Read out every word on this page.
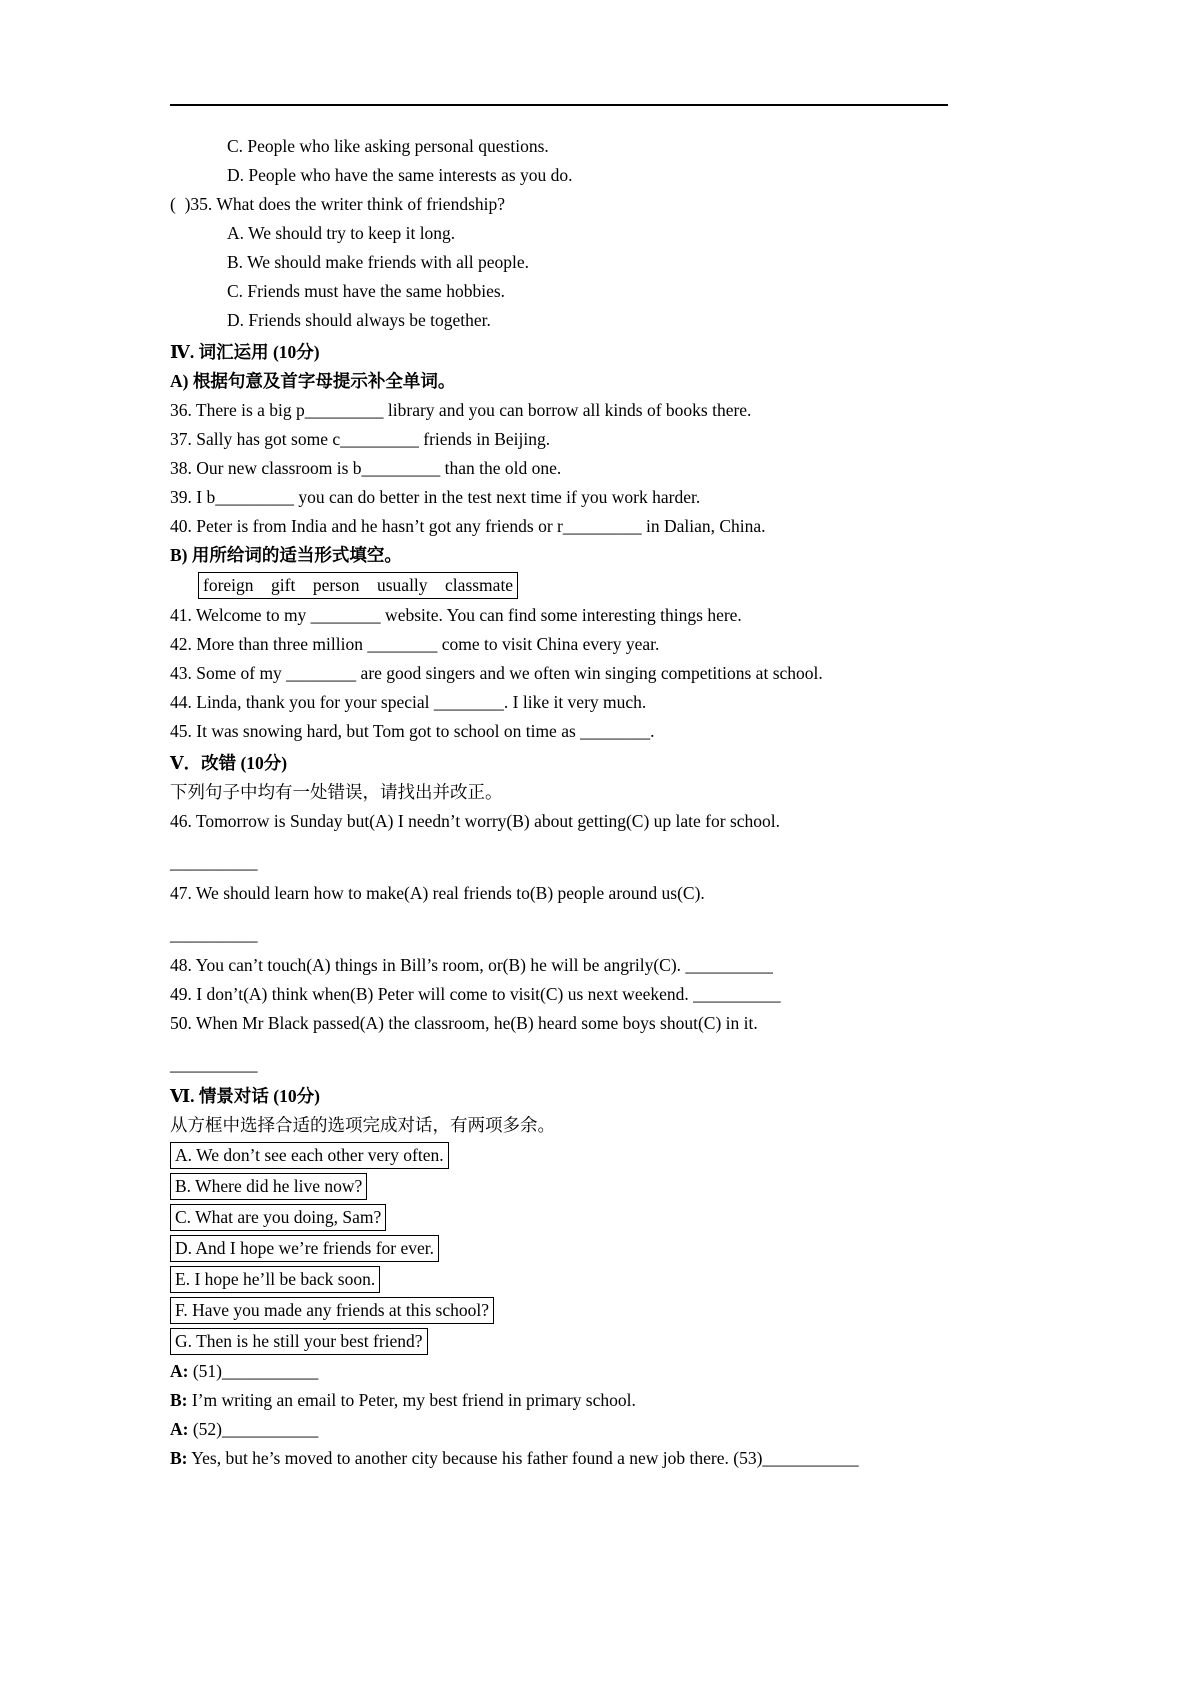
C. People who like asking personal questions.
D. People who have the same interests as you do.
(  )35. What does the writer think of friendship?
A. We should try to keep it long.
B. We should make friends with all people.
C. Friends must have the same hobbies.
D. Friends should always be together.
Ⅳ. 词汇运用 (10分)
A) 根据句意及首字母提示补全单词。
36. There is a big p_________ library and you can borrow all kinds of books there.
37. Sally has got some c_________ friends in Beijing.
38. Our new classroom is b_________ than the old one.
39. I b_________ you can do better in the test next time if you work harder.
40. Peter is from India and he hasn’t got any friends or r_________ in Dalian, China.
B) 用所给词的适当形式填空。
foreign    gift    person    usually    classmate
41. Welcome to my ________ website. You can find some interesting things here.
42. More than three million ________ come to visit China every year.
43. Some of my ________ are good singers and we often win singing competitions at school.
44. Linda, thank you for your special ________. I like it very much.
45. It was snowing hard, but Tom got to school on time as ________.
Ⅴ．改错 (10分)
下列句子中均有一处错误，请找出并改正。
46. Tomorrow is Sunday but(A) I needn’t worry(B) about getting(C) up late for school.
__________
47. We should learn how to make(A) real friends to(B) people around us(C).
__________
48. You can’t touch(A) things in Bill’s room, or(B) he will be angrily(C). __________
49. I don’t(A) think when(B) Peter will come to visit(C) us next weekend. __________
50. When Mr Black passed(A) the classroom, he(B) heard some boys shout(C) in it.
__________
Ⅵ. 情景对话 (10分)
从方框中选择合适的选项完成对话，有两项多余。
A. We don’t see each other very often.
B. Where did he live now?
C. What are you doing, Sam?
D. And I hope we’re friends for ever.
E. I hope he’ll be back soon.
F. Have you made any friends at this school?
G. Then is he still your best friend?
A: (51)___________
B: I’m writing an email to Peter, my best friend in primary school.
A: (52)___________
B: Yes, but he’s moved to another city because his father found a new job there. (53)___________
